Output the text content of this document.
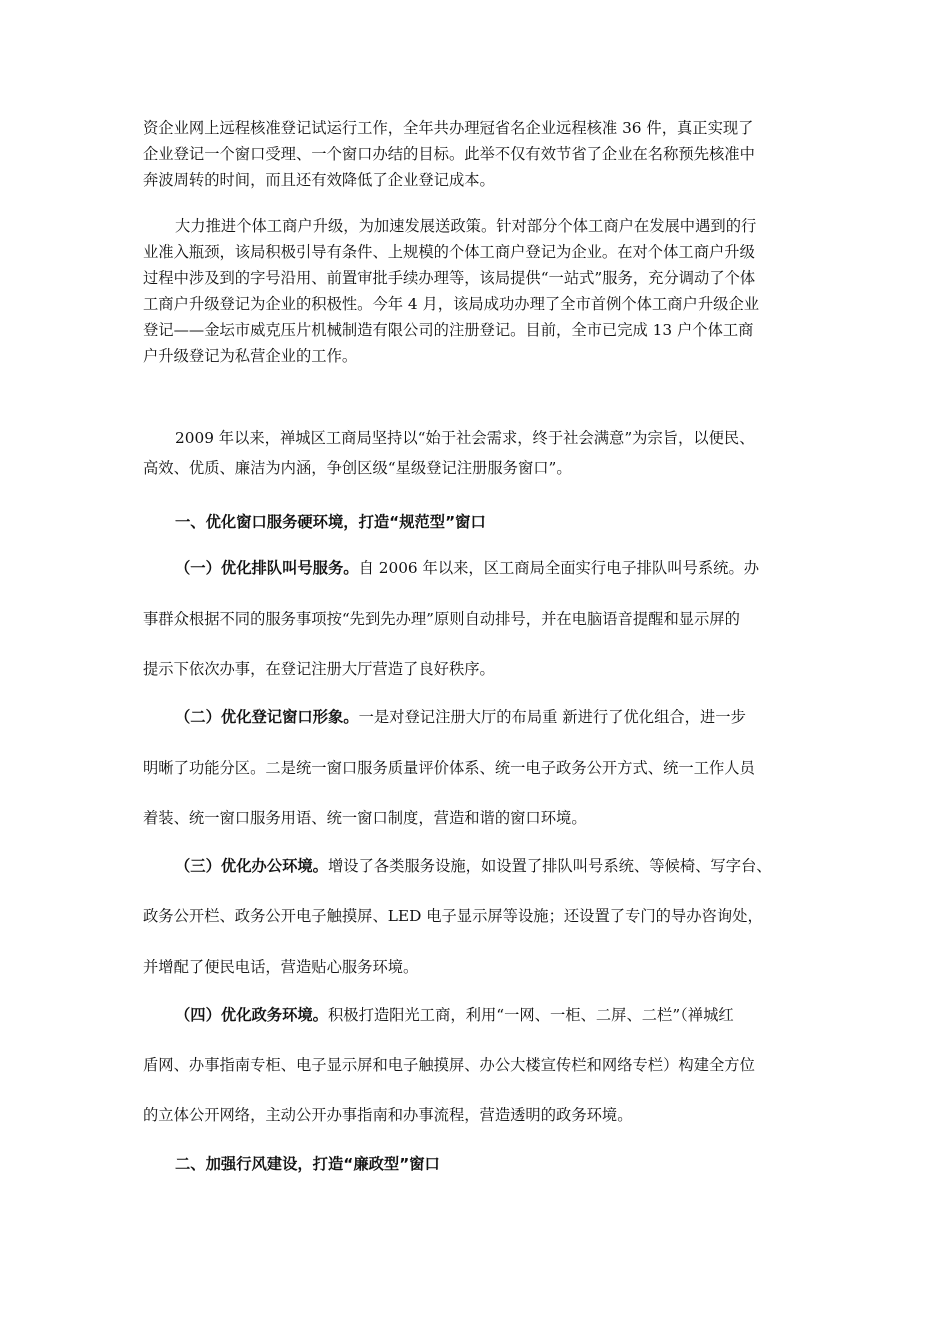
资企业网上远程核准登记试运行工作，全年共办理冠省名企业远程核准 36 件，真正实现了
企业登记一个窗口受理、一个窗口办结的目标。此举不仅有效节省了企业在名称预先核准中
奔波周转的时间，而且还有效降低了企业登记成本。
大力推进个体工商户升级，为加速发展送政策。针对部分个体工商户在发展中遇到的行
业准入瓶颈，该局积极引导有条件、上规模的个体工商户登记为企业。在对个体工商户升级
过程中涉及到的字号沿用、前置审批手续办理等，该局提供“一站式”服务，充分调动了个体
工商户升级登记为企业的积极性。今年 4 月，该局成功办理了全市首例个体工商户升级企业
登记——金坛市威克压片机械制造有限公司的注册登记。目前，全市已完成 13 户个体工商
户升级登记为私营企业的工作。
2009 年以来，禅城区工商局坚持以“始于社会需求，终于社会满意”为宗旨，以便民、
高效、优质、廉洁为内涵，争创区级“星级登记注册服务窗口”。
一、优化窗口服务硬环境，打造“规范型”窗口
（一）优化排队叫号服务。自 2006 年以来，区工商局全面实行电子排队叫号系统。办
事群众根据不同的服务事项按“先到先办理”原则自动排号，并在电脑语音提醒和显示屏的
提示下依次办事，在登记注册大厅营造了良好秩序。
（二）优化登记窗口形象。一是对登记注册大厅的布局重 新进行了优化组合，进一步
明晰了功能分区。二是统一窗口服务质量评价体系、统一电子政务公开方式、统一工作人员
着装、统一窗口服务用语、统一窗口制度，营造和谐的窗口环境。
（三）优化办公环境。增设了各类服务设施，如设置了排队叫号系统、等候椅、写字台、
政务公开栏、政务公开电子触摸屏、LED 电子显示屏等设施；还设置了专门的导办咨询处，
并增配了便民电话，营造贴心服务环境。
（四）优化政务环境。积极打造阳光工商，利用“一网、一柜、二屏、二栏”（禅城红
盾网、办事指南专柜、电子显示屏和电子触摸屏、办公大楼宣传栏和网络专栏）构建全方位
的立体公开网络，主动公开办事指南和办事流程，营造透明的政务环境。
二、加强行风建设，打造“廉政型”窗口
